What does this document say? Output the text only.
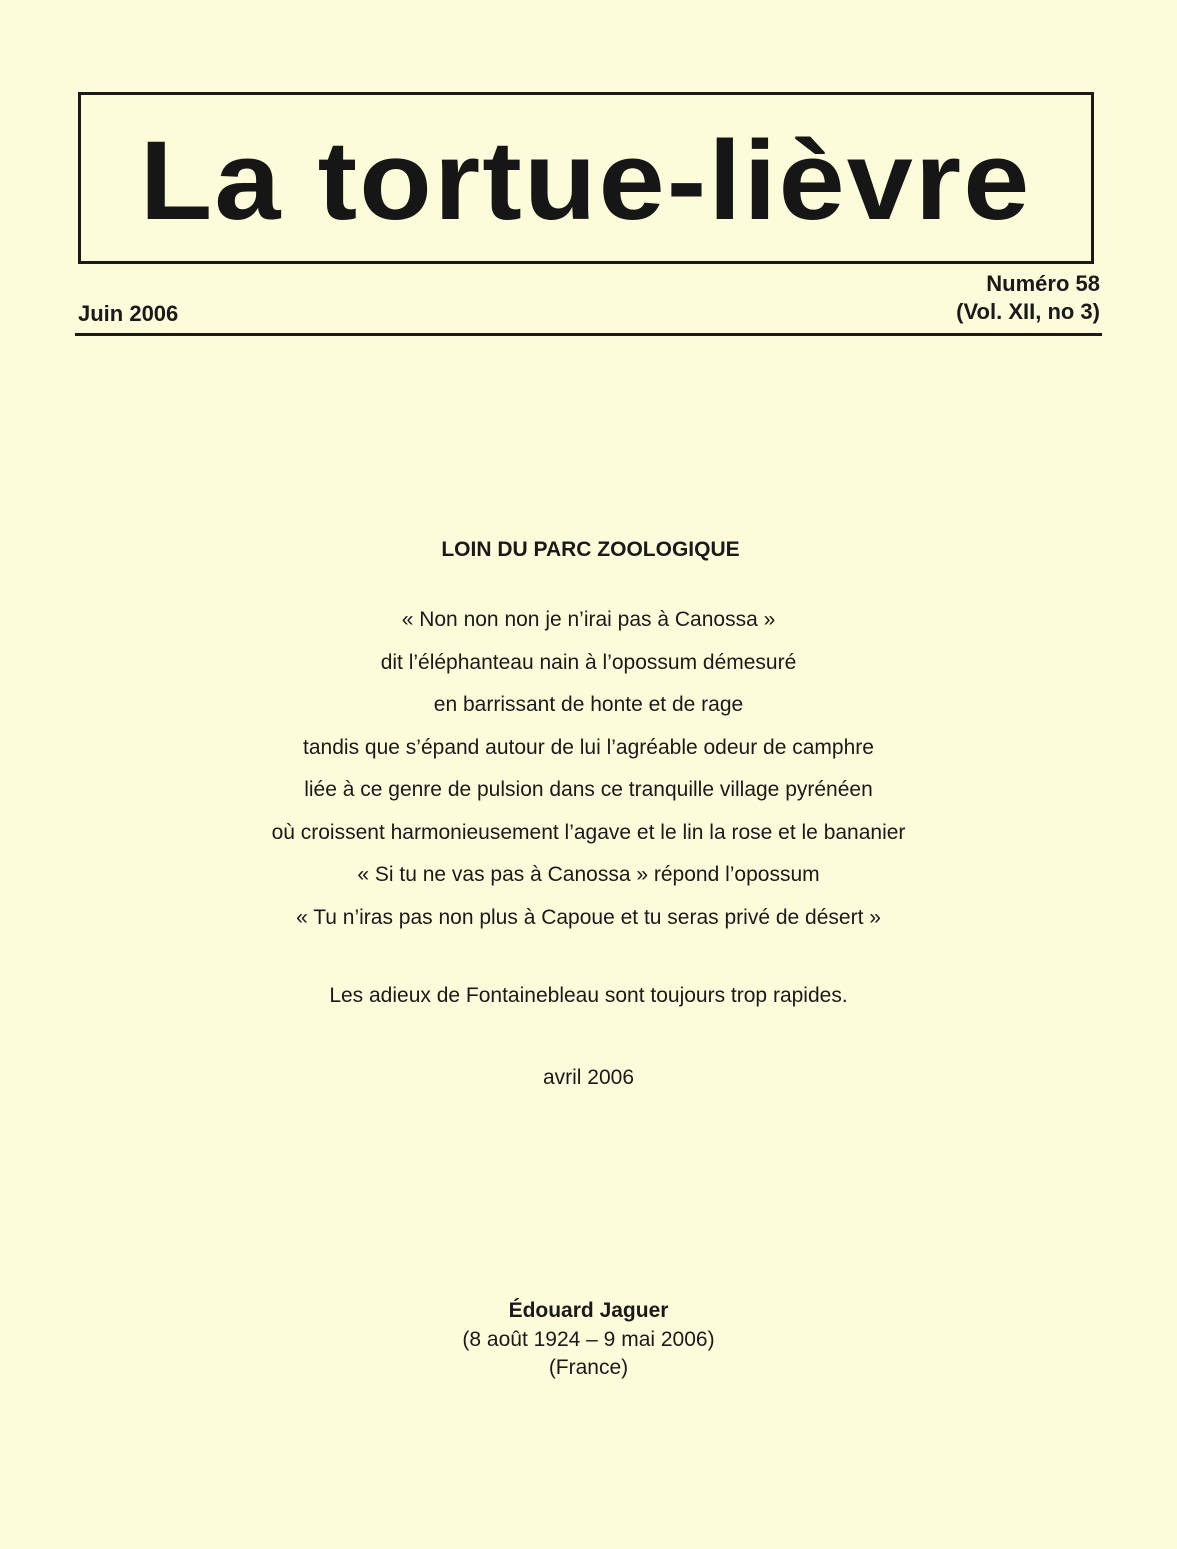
La tortue-lièvre
Juin 2006
Numéro 58
(Vol. XII, no 3)
LOIN DU PARC ZOOLOGIQUE
« Non non non je n’irai pas à Canossa »
dit l’éléphanteau nain à l’opossum démesuré
en barrissant de honte et de rage
tandis que s’épand autour de lui l’agréable odeur de camphre
liée à ce genre de pulsion dans ce tranquille village pyrénéen
où croissent harmonieusement l’agave et le lin la rose et le bananier
« Si tu ne vas pas à Canossa » répond l’opossum
« Tu n’iras pas non plus à Capoue et tu seras privé de désert »
Les adieux de Fontainebleau sont toujours trop rapides.
avril 2006
Édouard Jaguer
(8 août 1924 – 9 mai 2006)
(France)
